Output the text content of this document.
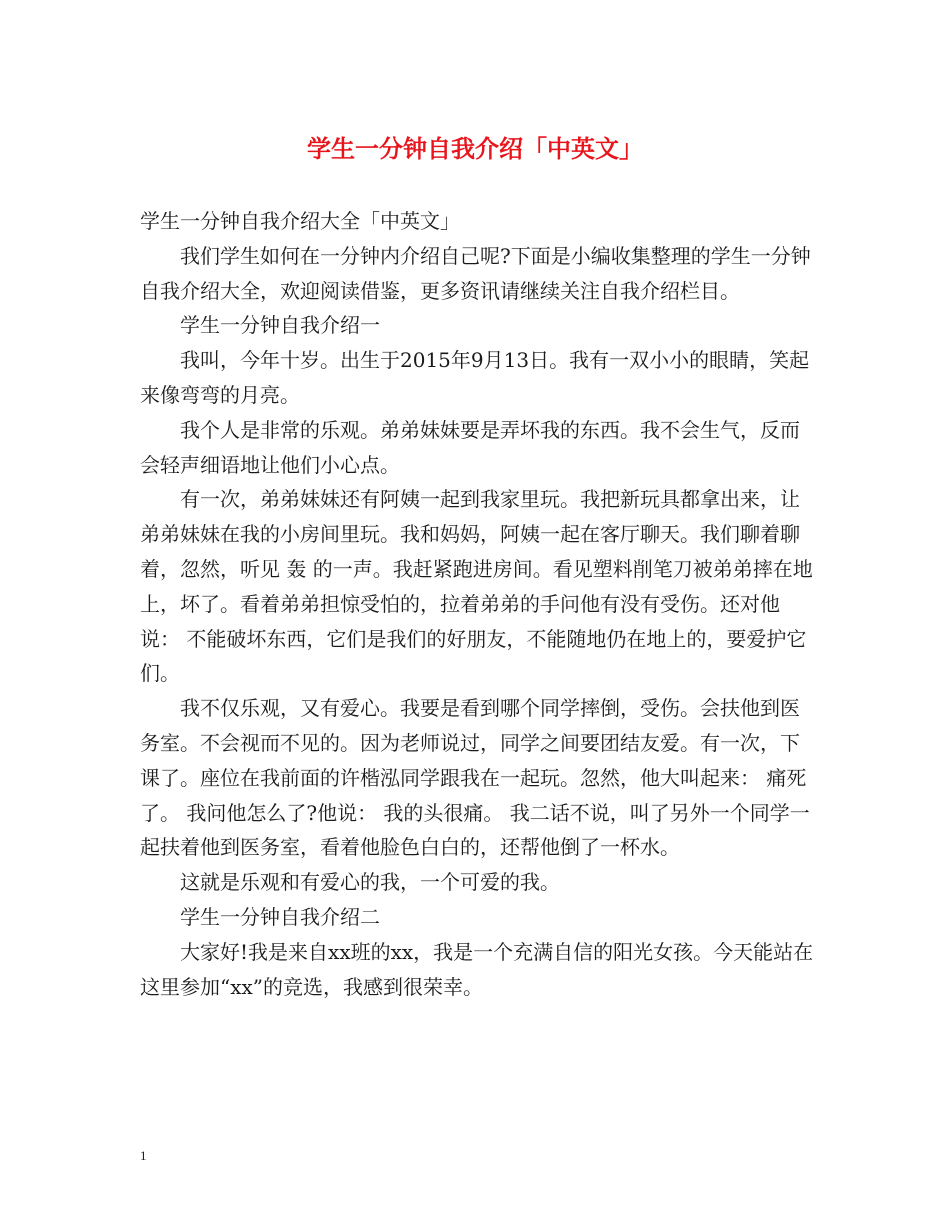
学生一分钟自我介绍「中英文」

学生一分钟自我介绍大全「中英文」

我们学生如何在一分钟内介绍自己呢?下面是小编收集整理的学生一分钟自我介绍大全，欢迎阅读借鉴，更多资讯请继续关注自我介绍栏目。

学生一分钟自我介绍一

我叫，今年十岁。出生于2015年9月13日。我有一双小小的眼睛，笑起来像弯弯的月亮。

我个人是非常的乐观。弟弟妹妹要是弄坏我的东西。我不会生气，反而会轻声细语地让他们小心点。

有一次，弟弟妹妹还有阿姨一起到我家里玩。我把新玩具都拿出来，让弟弟妹妹在我的小房间里玩。我和妈妈，阿姨一起在客厅聊天。我们聊着聊着，忽然，听见 轰 的一声。我赶紧跑进房间。看见塑料削笔刀被弟弟摔在地上，坏了。看着弟弟担惊受怕的，拉着弟弟的手问他有没有受伤。还对他说： 不能破坏东西，它们是我们的好朋友，不能随地仍在地上的，要爱护它们。

我不仅乐观，又有爱心。我要是看到哪个同学摔倒，受伤。会扶他到医务室。不会视而不见的。因为老师说过，同学之间要团结友爱。有一次，下课了。座位在我前面的许楷泓同学跟我在一起玩。忽然，他大叫起来： 痛死了。 我问他怎么了?他说： 我的头很痛。 我二话不说，叫了另外一个同学一起扶着他到医务室，看着他脸色白白的，还帮他倒了一杯水。

这就是乐观和有爱心的我，一个可爱的我。

学生一分钟自我介绍二

大家好!我是来自xx班的xx，我是一个充满自信的阳光女孩。今天能站在这里参加“xx”的竞选，我感到很荣幸。

1
